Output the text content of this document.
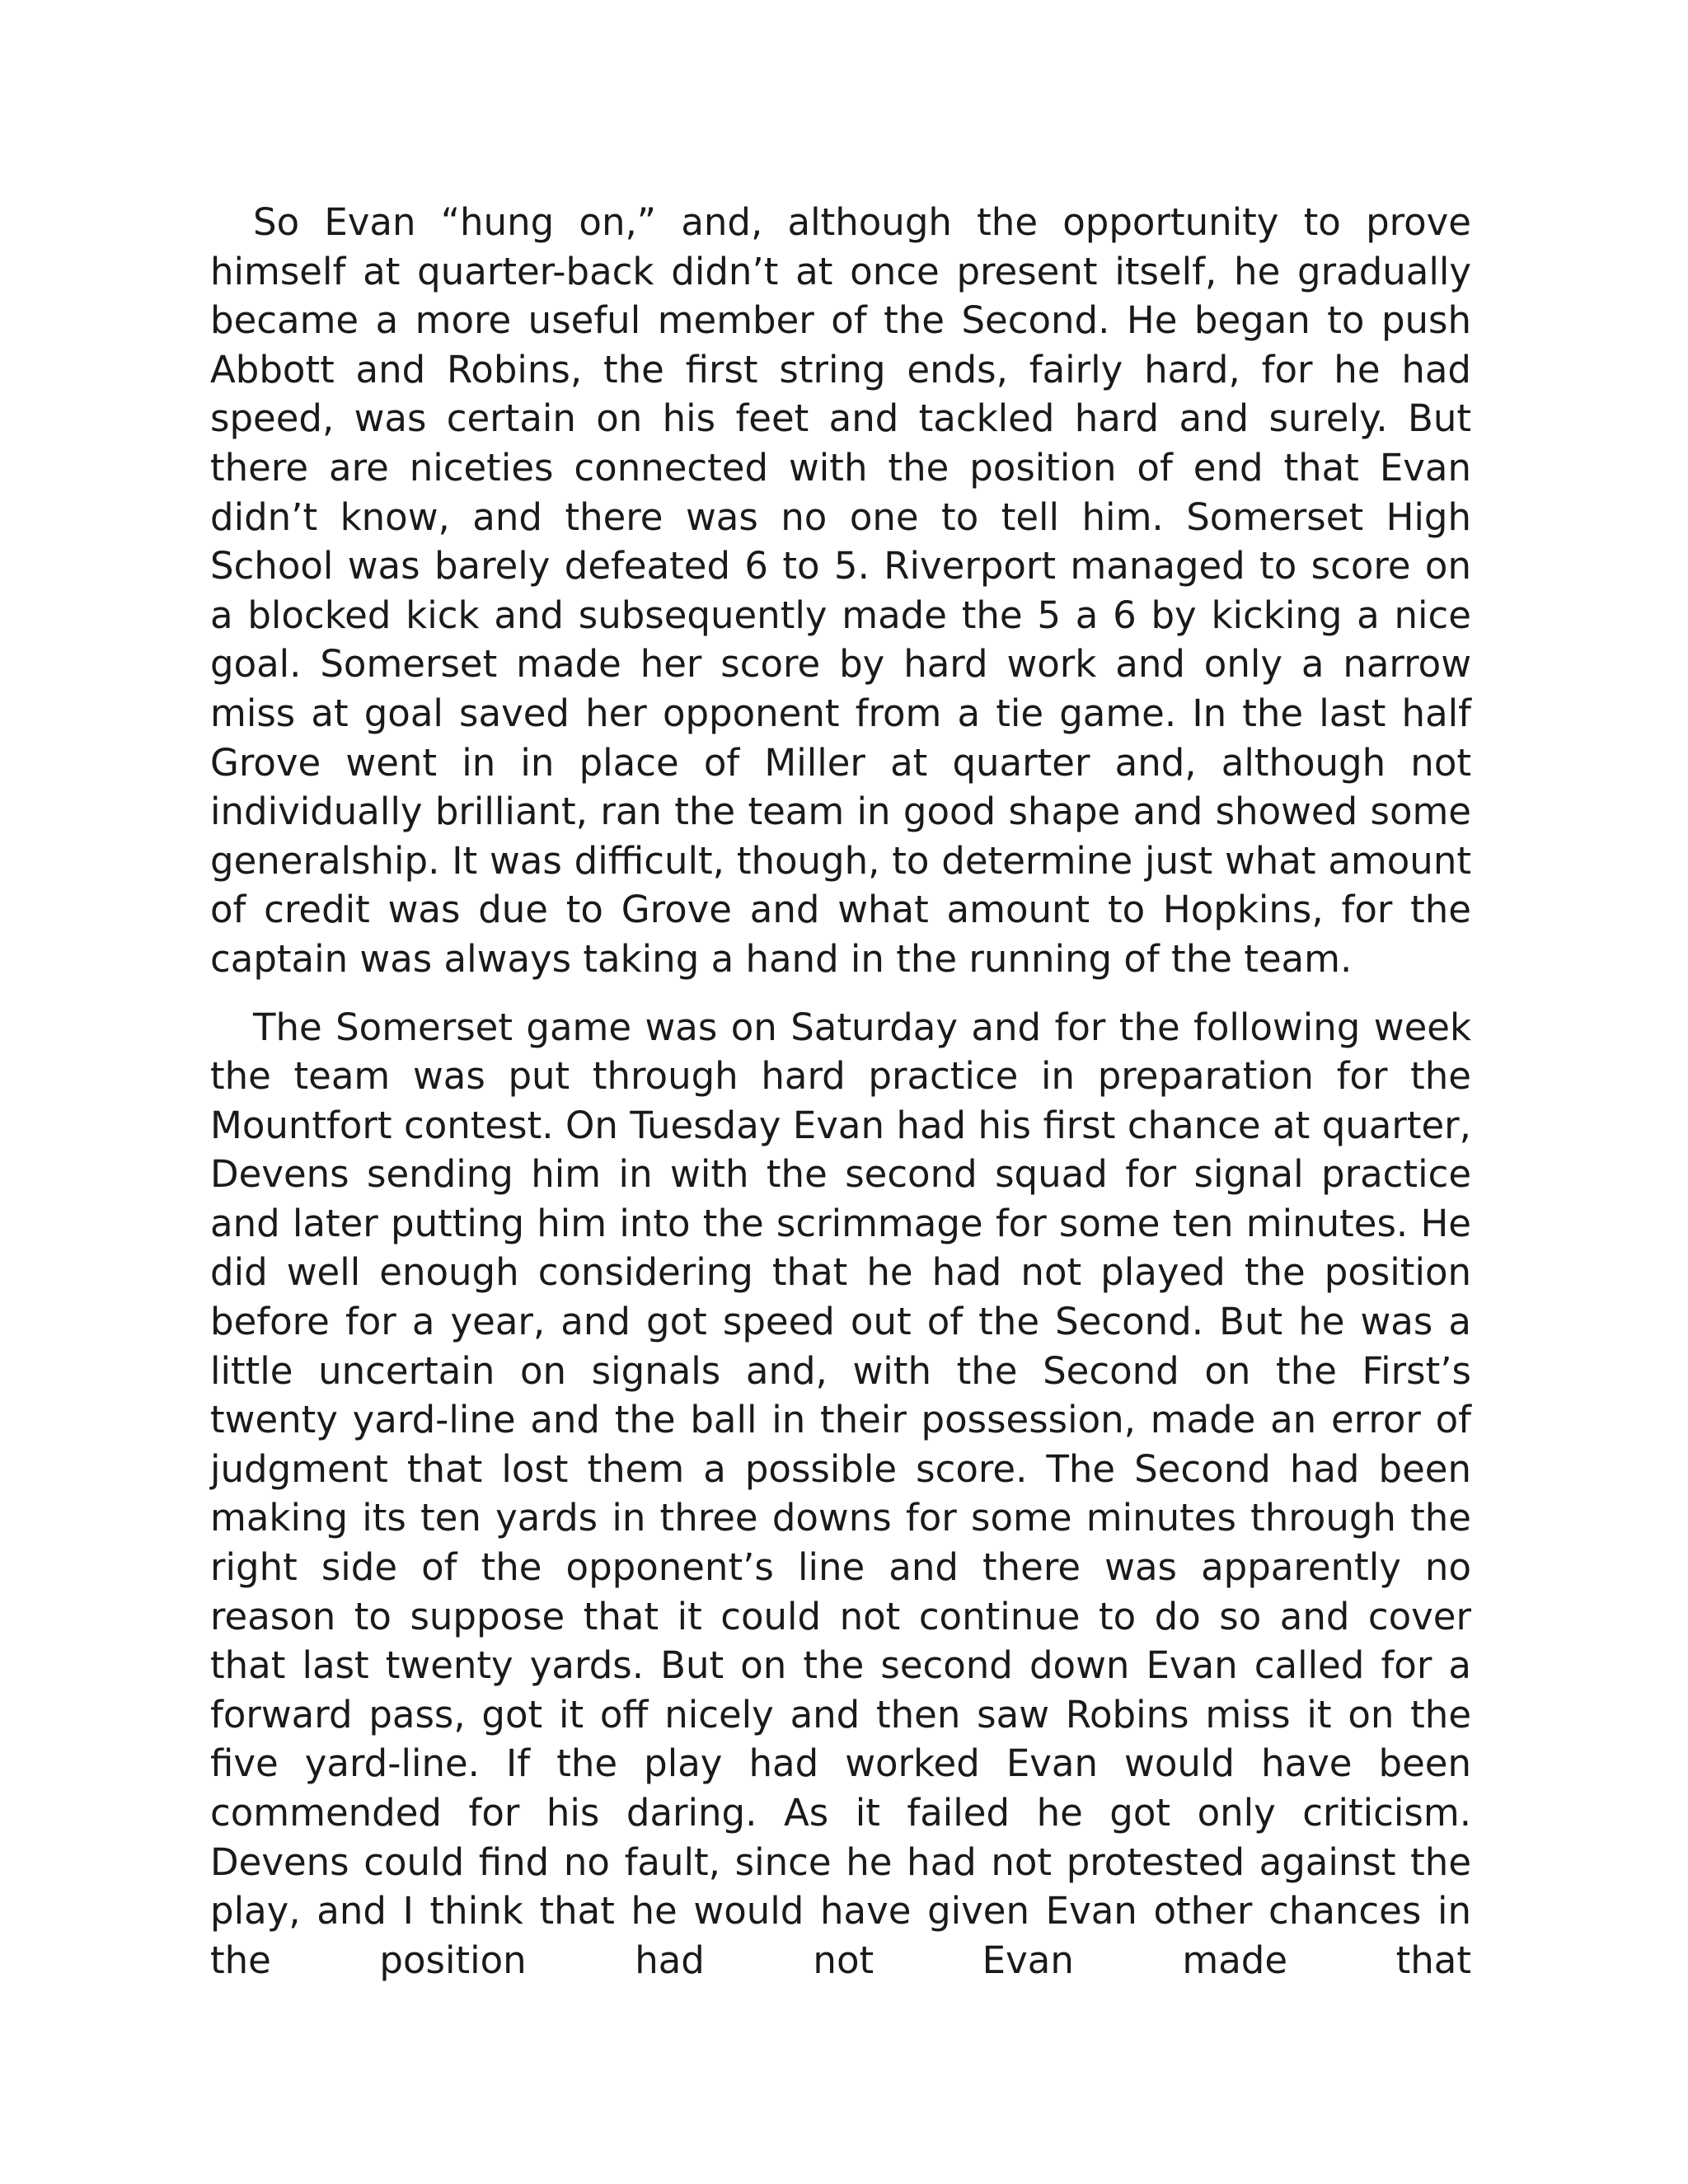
So Evan “hung on,” and, although the opportunity to prove himself at quarter-back didn’t at once present itself, he gradually became a more useful member of the Second. He began to push Abbott and Robins, the first string ends, fairly hard, for he had speed, was certain on his feet and tackled hard and surely. But there are niceties connected with the position of end that Evan didn’t know, and there was no one to tell him. Somerset High School was barely defeated 6 to 5. Riverport managed to score on a blocked kick and subsequently made the 5 a 6 by kicking a nice goal. Somerset made her score by hard work and only a narrow miss at goal saved her opponent from a tie game. In the last half Grove went in in place of Miller at quarter and, although not individually brilliant, ran the team in good shape and showed some generalship. It was difficult, though, to determine just what amount of credit was due to Grove and what amount to Hopkins, for the captain was always taking a hand in the running of the team.

The Somerset game was on Saturday and for the following week the team was put through hard practice in preparation for the Mountfort contest. On Tuesday Evan had his first chance at quarter, Devens sending him in with the second squad for signal practice and later putting him into the scrimmage for some ten minutes. He did well enough considering that he had not played the position before for a year, and got speed out of the Second. But he was a little uncertain on signals and, with the Second on the First’s twenty yard-line and the ball in their possession, made an error of judgment that lost them a possible score. The Second had been making its ten yards in three downs for some minutes through the right side of the opponent’s line and there was apparently no reason to suppose that it could not continue to do so and cover that last twenty yards. But on the second down Evan called for a forward pass, got it off nicely and then saw Robins miss it on the five yard-line. If the play had worked Evan would have been commended for his daring. As it failed he got only criticism. Devens could find no fault, since he had not protested against the play, and I think that he would have given Evan other chances in the position had not Evan made that
